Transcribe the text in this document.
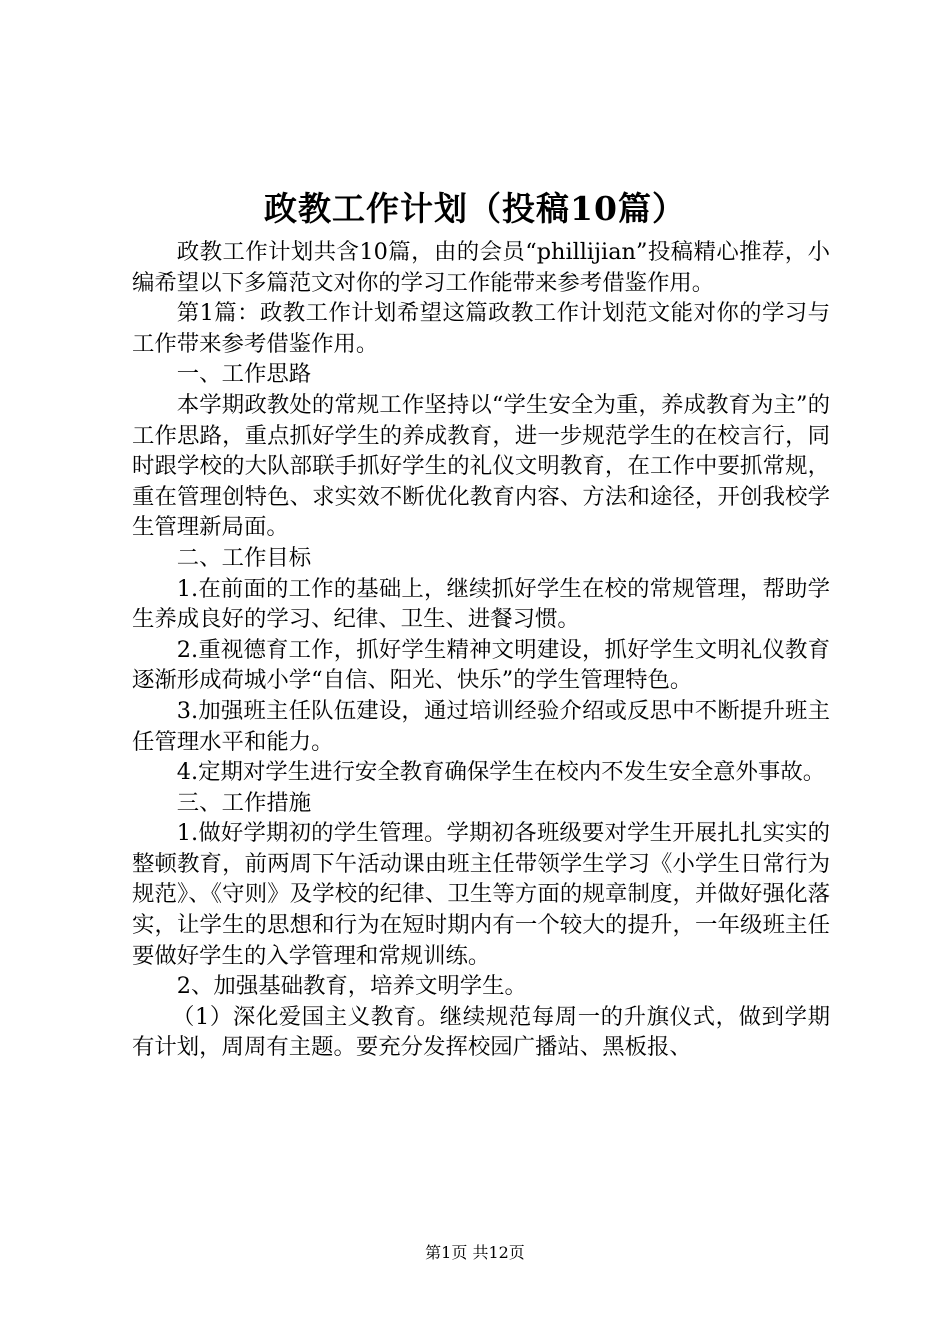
政教工作计划（投稿10篇）

政教工作计划共含10篇，由的会员“phillijian”投稿精心推荐，小编希望以下多篇范文对你的学习工作能带来参考借鉴作用。

第1篇：政教工作计划希望这篇政教工作计划范文能对你的学习与工作带来参考借鉴作用。

一、工作思路

本学期政教处的常规工作坚持以“学生安全为重，养成教育为主”的工作思路，重点抓好学生的养成教育，进一步规范学生的在校言行，同时跟学校的大队部联手抓好学生的礼仪文明教育，在工作中要抓常规，重在管理创特色、求实效不断优化教育内容、方法和途径，开创我校学生管理新局面。

二、工作目标

1.在前面的工作的基础上，继续抓好学生在校的常规管理，帮助学生养成良好的学习、纪律、卫生、进餐习惯。

2.重视德育工作，抓好学生精神文明建设，抓好学生文明礼仪教育逐渐形成荷城小学“自信、阳光、快乐”的学生管理特色。

3.加强班主任队伍建设，通过培训经验介绍或反思中不断提升班主任管理水平和能力。

4.定期对学生进行安全教育确保学生在校内不发生安全意外事故。

三、工作措施

1.做好学期初的学生管理。学期初各班级要对学生开展扎扎实实的整顿教育，前两周下午活动课由班主任带领学生学习《小学生日常行为规范》、《守则》及学校的纪律、卫生等方面的规章制度，并做好强化落实，让学生的思想和行为在短时期内有一个较大的提升，一年级班主任要做好学生的入学管理和常规训练。

2、加强基础教育，培养文明学生。

（1）深化爱国主义教育。继续规范每周一的升旗仪式，做到学期有计划，周周有主题。要充分发挥校园广播站、黑板报、

第1页 共12页
